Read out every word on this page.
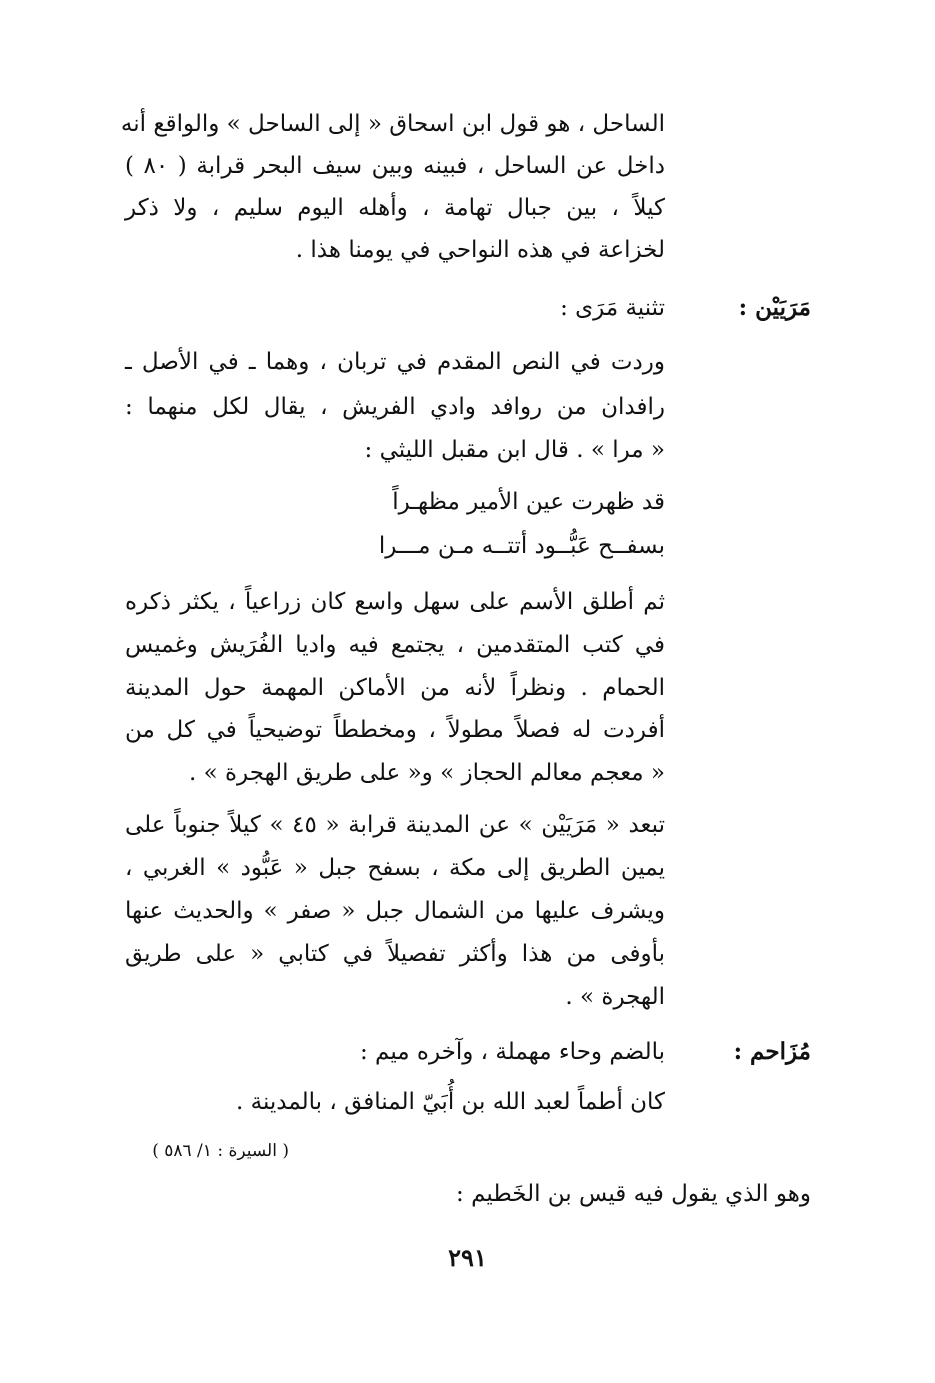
الساحل ، هو قول ابن اسحاق « إلى الساحل » والواقع أنه
داخل عن الساحل ، فبينه وبين سيف البحر قرابة ( ٨٠ )
كيلاً ، بين جبال تهامة ، وأهله اليوم سليم ، ولا ذكر
لخزاعة في هذه النواحي في يومنا هذا .
مَرَيَيْن :
تثنية مَرَى :
وردت في النص المقدم في تربان ، وهما ـ في الأصل ـ
رافدان من روافد وادي الفريش ، يقال لكل منهما :
« مرا » . قال ابن مقبل الليثي :
قد ظهرت عين الأمير مظهـراً
بسفــح عَبُّــود أتتــه مـن مـــرا
ثم أطلق الأسم على سهل واسع كان زراعياً ، يكثر ذكره
في كتب المتقدمين ، يجتمع فيه واديا الفُرَيش وغميس
الحمام . ونظراً لأنه من الأماكن المهمة حول المدينة
أفردت له فصلاً مطولاً ، ومخططاً توضيحياً في كل من
« معجم معالم الحجاز » و« على طريق الهجرة » .
تبعد « مَرَيَيْن » عن المدينة قرابة « ٤٥ » كيلاً جنوباً على
يمين الطريق إلى مكة ، بسفح جبل « عَبُّود » الغربي ،
ويشرف عليها من الشمال جبل « صفر » والحديث عنها
بأوفى من هذا وأكثر تفصيلاً في كتابي « على طريق
الهجرة » .
مُزَاحم :
بالضم وحاء مهملة ، وآخره ميم :
كان أطماً لعبد الله بن أُبَيّ المنافق ، بالمدينة .
( السيرة : ١/ ٥٨٦ )
وهو الذي يقول فيه قيس بن الخَطيم :
٢٩١
